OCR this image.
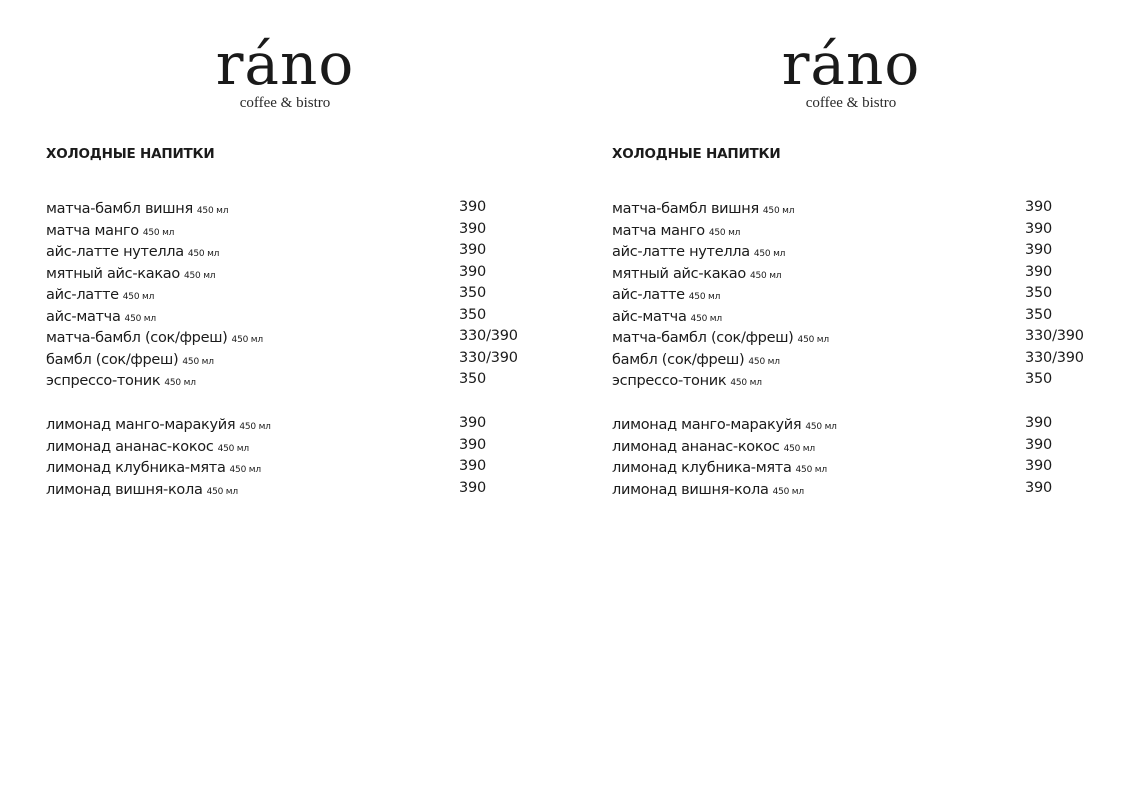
ráno
coffee & bistro
ХОЛОДНЫЕ НАПИТКИ
матча-бамбл вишня 450 мл	390
матча манго 450 мл	390
айс-латте нутелла 450 мл	390
мятный айс-какао 450 мл	390
айс-латте 450 мл	350
айс-матча 450 мл	350
матча-бамбл (сок/фреш) 450 мл	330/390
бамбл (сок/фреш) 450 мл	330/390
эспрессо-тоник 450 мл	350
лимонад манго-маракуйя 450 мл	390
лимонад ананас-кокос 450 мл	390
лимонад клубника-мята 450 мл	390
лимонад вишня-кола 450 мл	390
ráno
coffee & bistro
ХОЛОДНЫЕ НАПИТКИ
матча-бамбл вишня 450 мл	390
матча манго 450 мл	390
айс-латте нутелла 450 мл	390
мятный айс-какао 450 мл	390
айс-латте 450 мл	350
айс-матча 450 мл	350
матча-бамбл (сок/фреш) 450 мл	330/390
бамбл (сок/фреш) 450 мл	330/390
эспрессо-тоник 450 мл	350
лимонад манго-маракуйя 450 мл	390
лимонад ананас-кокос 450 мл	390
лимонад клубника-мята 450 мл	390
лимонад вишня-кола 450 мл	390
